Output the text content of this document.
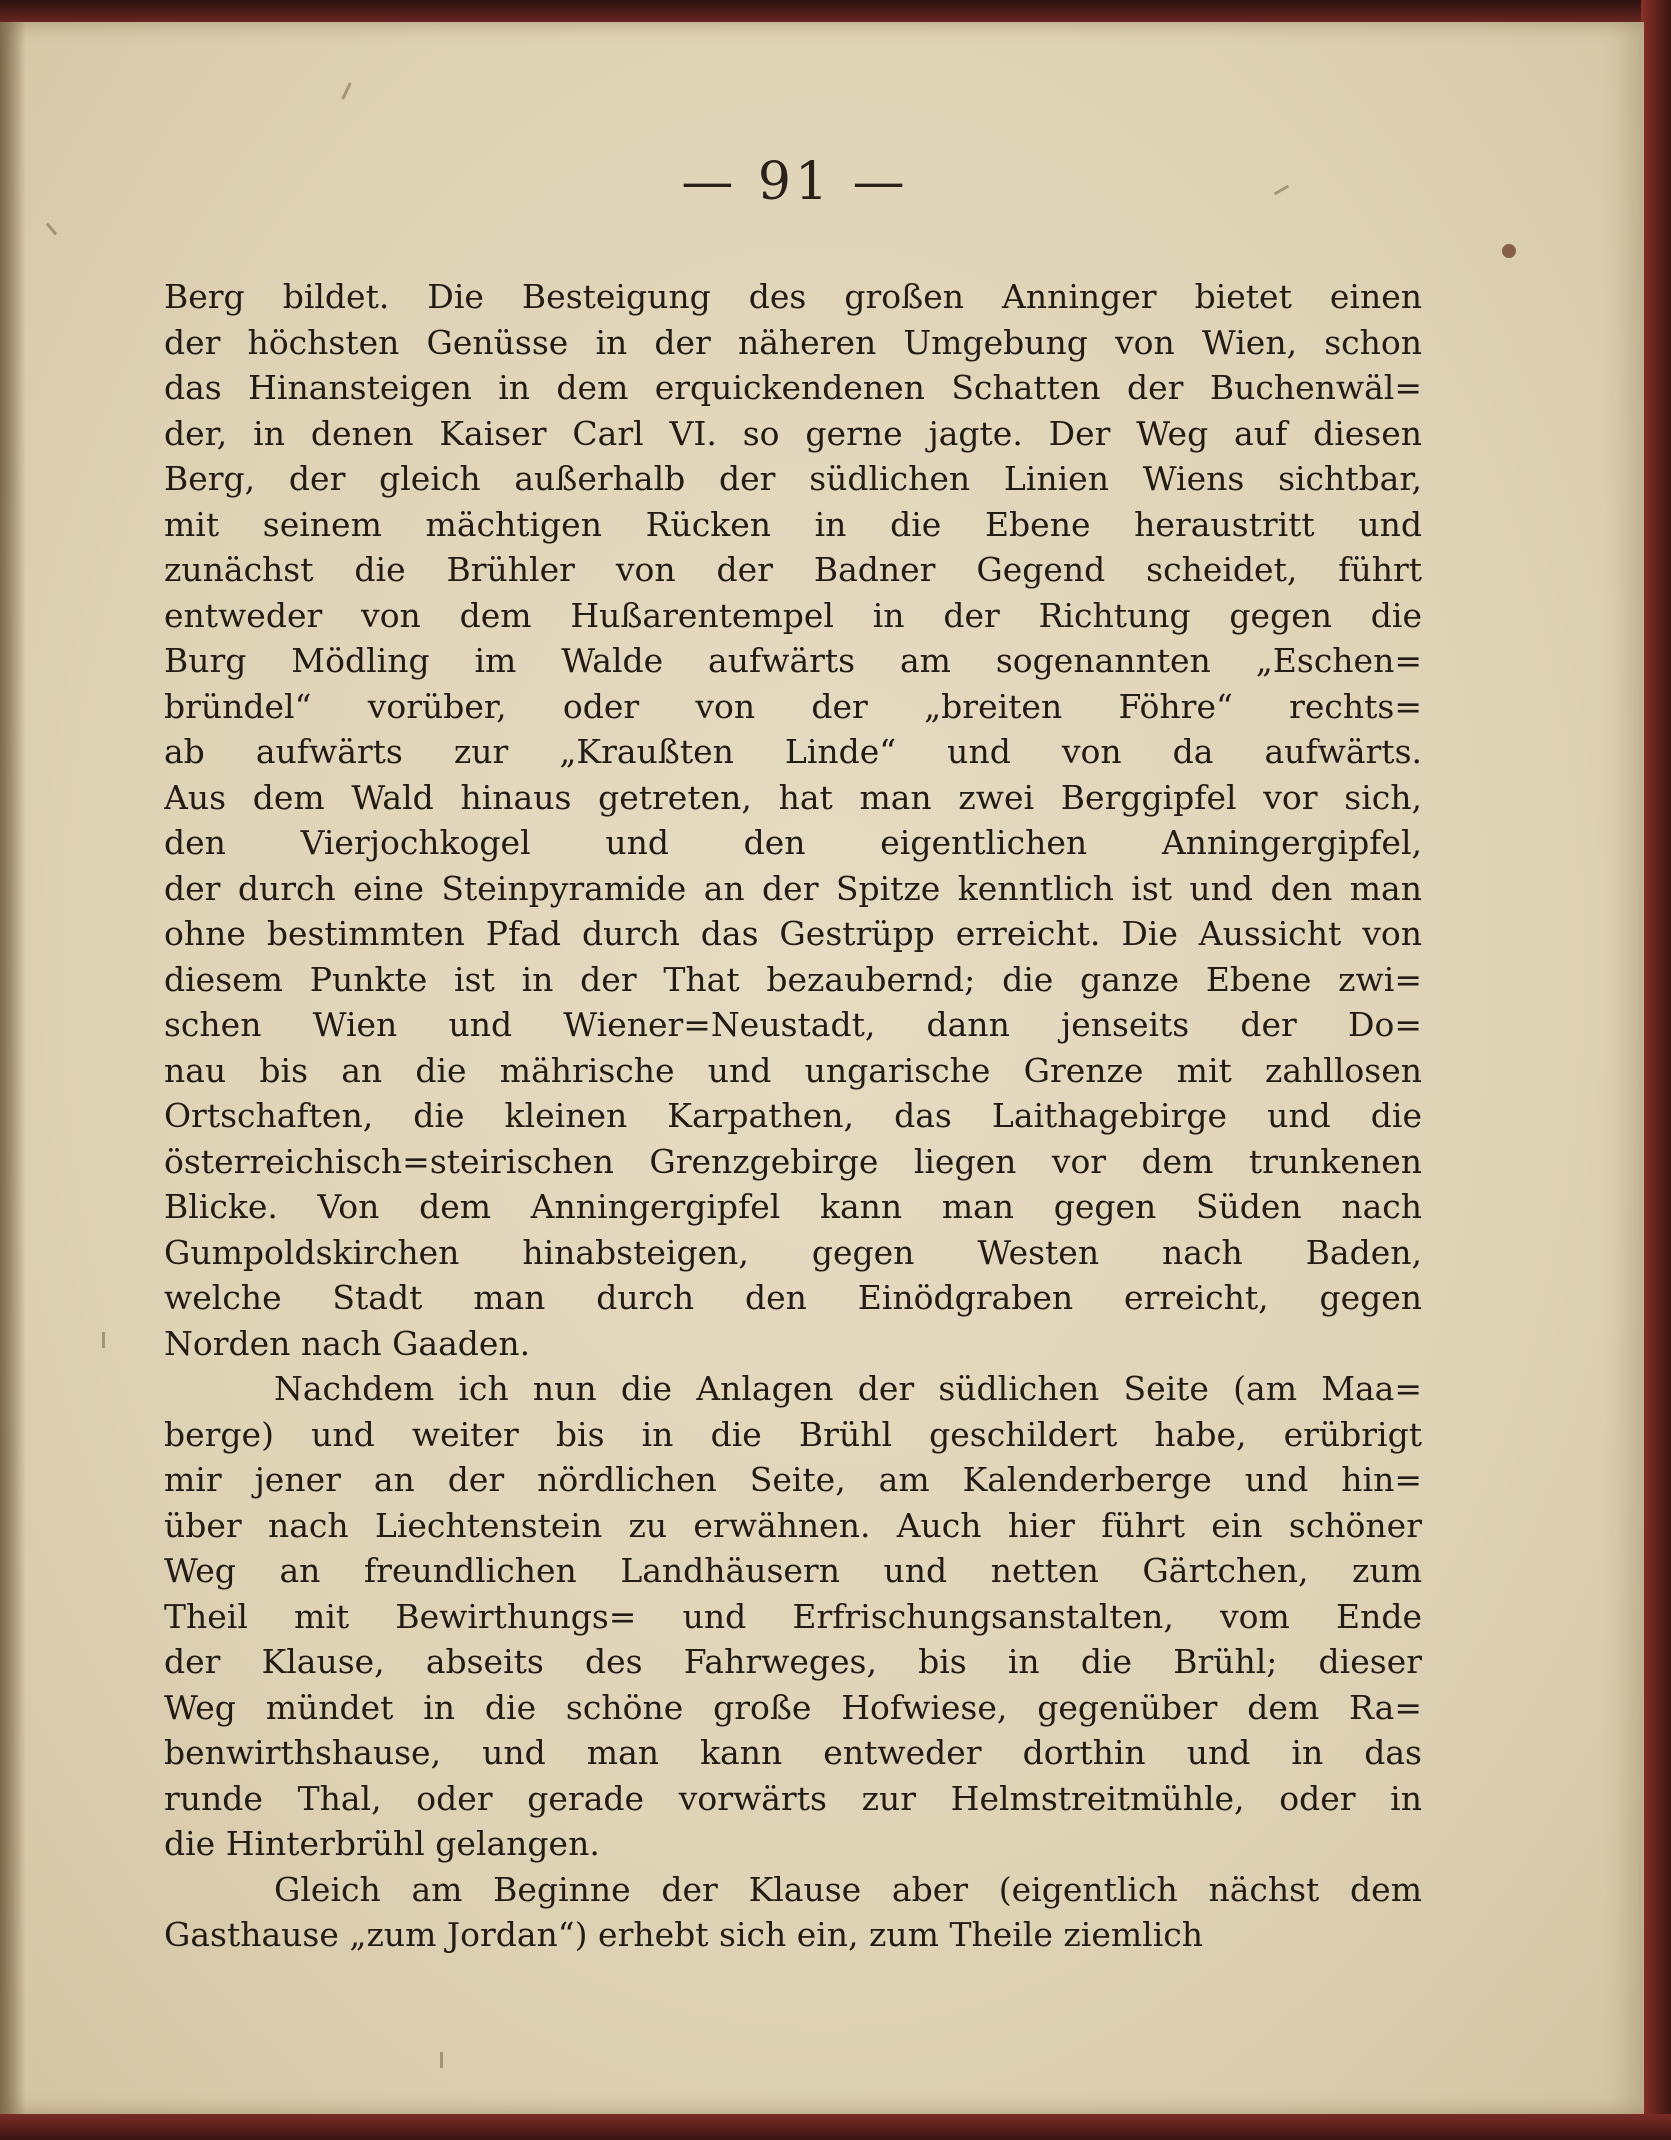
— 91 —
Berg bildet. Die Besteigung des großen Anninger bietet einen
der höchsten Genüsse in der näheren Umgebung von Wien, schon
das Hinansteigen in dem erquickendenen Schatten der Buchenwäl=
der, in denen Kaiser Carl VI. so gerne jagte. Der Weg auf diesen
Berg, der gleich außerhalb der südlichen Linien Wiens sichtbar,
mit seinem mächtigen Rücken in die Ebene heraustritt und
zunächst die Brühler von der Badner Gegend scheidet, führt
entweder von dem Hußarentempel in der Richtung gegen die
Burg Mödling im Walde aufwärts am sogenannten „Eschen=
bründel“ vorüber, oder von der „breiten Föhre“ rechts=
ab aufwärts zur „Kraußten Linde“ und von da aufwärts.
Aus dem Wald hinaus getreten, hat man zwei Berggipfel vor sich,
den Vierjochkogel und den eigentlichen Anningergipfel,
der durch eine Steinpyramide an der Spitze kenntlich ist und den man
ohne bestimmten Pfad durch das Gestrüpp erreicht. Die Aussicht von
diesem Punkte ist in der That bezaubernd; die ganze Ebene zwi=
schen Wien und Wiener=Neustadt, dann jenseits der Do=
nau bis an die mährische und ungarische Grenze mit zahllosen
Ortschaften, die kleinen Karpathen, das Laithagebirge und die
österreichisch=steirischen Grenzgebirge liegen vor dem trunkenen
Blicke. Von dem Anningergipfel kann man gegen Süden nach
Gumpoldskirchen hinabsteigen, gegen Westen nach Baden,
welche Stadt man durch den Einödgraben erreicht, gegen
Norden nach Gaaden.
Nachdem ich nun die Anlagen der südlichen Seite (am Maa=
berge) und weiter bis in die Brühl geschildert habe, erübrigt
mir jener an der nördlichen Seite, am Kalenderberge und hin=
über nach Liechtenstein zu erwähnen. Auch hier führt ein schöner
Weg an freundlichen Landhäusern und netten Gärtchen, zum
Theil mit Bewirthungs= und Erfrischungsanstalten, vom Ende
der Klause, abseits des Fahrweges, bis in die Brühl; dieser
Weg mündet in die schöne große Hofwiese, gegenüber dem Ra=
benwirthshause, und man kann entweder dorthin und in das
runde Thal, oder gerade vorwärts zur Helmstreitmühle, oder in
die Hinterbrühl gelangen.
Gleich am Beginne der Klause aber (eigentlich nächst dem
Gasthause „zum Jordan“) erhebt sich ein, zum Theile ziemlich
